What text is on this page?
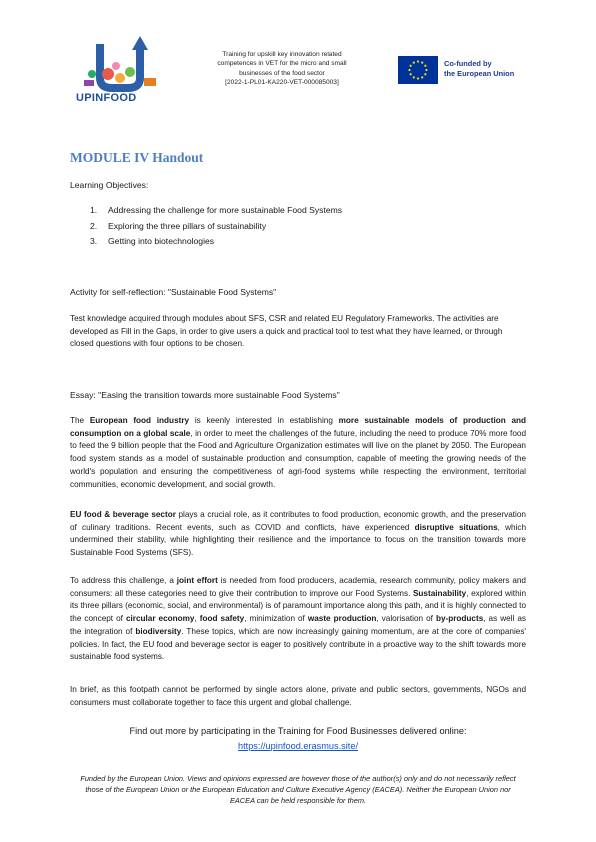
UPINFOOD
Training for upskill key innovation related
competences in VET for the micro and small
businesses of the food sector
[2022-1-PL01-KA220-VET-000085003]
Co-funded by
the European Union
MODULE IV Handout
Learning Objectives:
1. Addressing the challenge for more sustainable Food Systems
2. Exploring the three pillars of sustainability
3. Getting into biotechnologies
Activity for self-reflection: "Sustainable Food Systems"
Test knowledge acquired through modules about SFS, CSR and related EU Regulatory Frameworks. The activities are developed as Fill in the Gaps, in order to give users a quick and practical tool to test what they have learned, or through closed questions with four options to be chosen.
Essay: "Easing the transition towards more sustainable Food Systems"
The European food industry is keenly interested in establishing more sustainable models of production and consumption on a global scale, in order to meet the challenges of the future, including the need to produce 70% more food to feed the 9 billion people that the Food and Agriculture Organization estimates will live on the planet by 2050. The European food system stands as a model of sustainable production and consumption, capable of meeting the growing needs of the world's population and ensuring the competitiveness of agri-food systems while respecting the environment, territorial communities, economic development, and social growth.
EU food & beverage sector plays a crucial role, as it contributes to food production, economic growth, and the preservation of culinary traditions. Recent events, such as COVID and conflicts, have experienced disruptive situations, which undermined their stability, while highlighting their resilience and the importance to focus on the transition towards more Sustainable Food Systems (SFS).
To address this challenge, a joint effort is needed from food producers, academia, research community, policy makers and consumers: all these categories need to give their contribution to improve our Food Systems. Sustainability, explored within its three pillars (economic, social, and environmental) is of paramount importance along this path, and it is highly connected to the concept of circular economy, food safety, minimization of waste production, valorisation of by-products, as well as the integration of biodiversity. These topics, which are now increasingly gaining momentum, are at the core of companies' policies. In fact, the EU food and beverage sector is eager to positively contribute in a proactive way to the shift towards more sustainable food systems.
In brief, as this footpath cannot be performed by single actors alone, private and public sectors, governments, NGOs and consumers must collaborate together to face this urgent and global challenge.
Find out more by participating in the Training for Food Businesses delivered online:
https://upinfood.erasmus.site/
Funded by the European Union. Views and opinions expressed are however those of the author(s) only and do not necessarily reflect those of the European Union or the European Education and Culture Executive Agency (EACEA). Neither the European Union nor EACEA can be held responsible for them.
